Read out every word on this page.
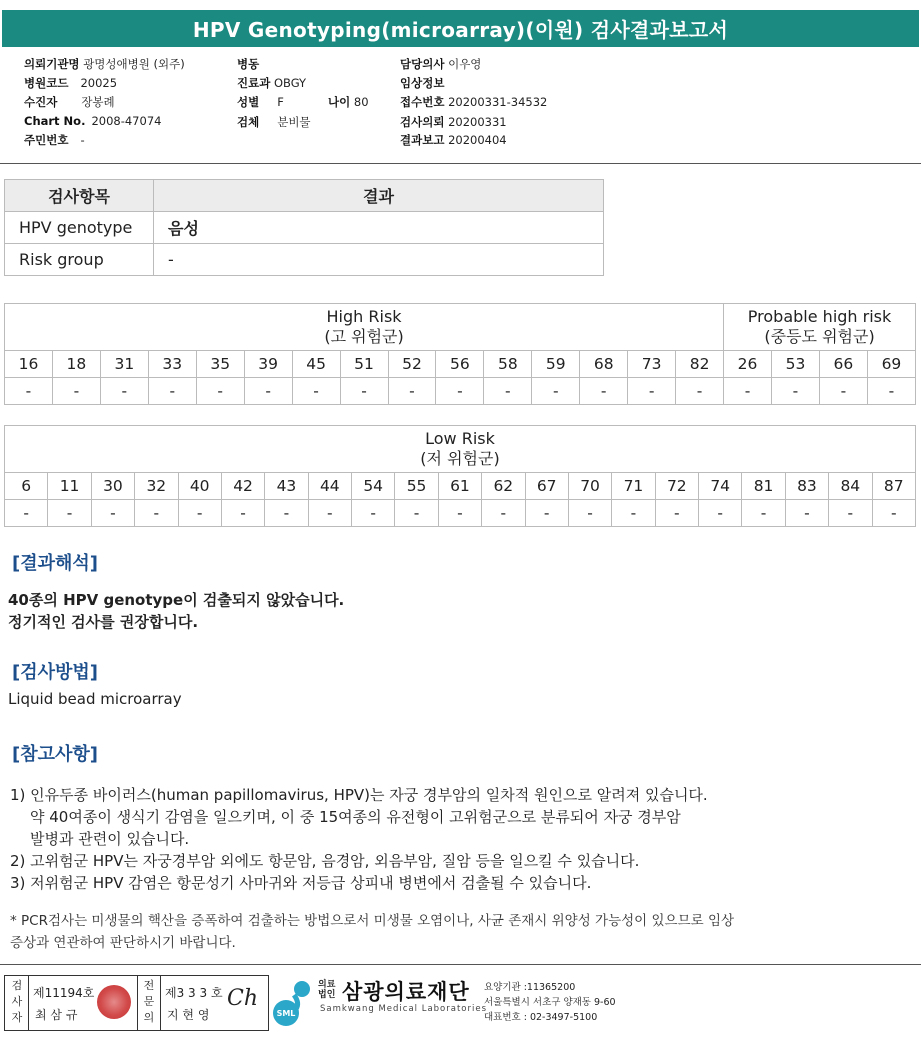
HPV Genotyping(microarray)(이원) 검사결과보고서
의뢰기관명 광명성애병원 (외주)
병원코드 20025
수진자 장봉례
Chart No. 2008-47074
주민번호 -
병동
진료과 OBGY
성별 F
검체 분비물
나이 80
담당의사 이우영
임상정보
접수번호 20200331-34532
검사의뢰 20200331
결과보고 20200404
검사항목	결과
HPV genotype	음성
Risk group	-
High Risk
(고 위험군)															Probable high risk
(중등도 위험군)			
16	18	31	33	35	39	45	51	52	56	58	59	68	73	82	26	53	66	69
-	-	-	-	-	-	-	-	-	-	-	-	-	-	-	-	-	-	-
Low Risk
(저 위험군)																				
6	11	30	32	40	42	43	44	54	55	61	62	67	70	71	72	74	81	83	84	87
-	-	-	-	-	-	-	-	-	-	-	-	-	-	-	-	-	-	-	-	-
[결과해석]
40종의 HPV genotype이 검출되지 않았습니다.
정기적인 검사를 권장합니다.
[검사방법]
Liquid bead microarray
[참고사항]
1) 인유두종 바이러스(human papillomavirus, HPV)는 자궁 경부암의 일차적 원인으로 알려져 있습니다.
약 40여종이 생식기 감염을 일으키며, 이 중 15여종의 유전형이 고위험군으로 분류되어 자궁 경부암
발병과 관련이 있습니다.
2) 고위험군 HPV는 자궁경부암 외에도 항문암, 음경암, 외음부암, 질암 등을 일으킬 수 있습니다.
3) 저위험군 HPV 감염은 항문성기 사마귀와 저등급 상피내 병변에서 검출될 수 있습니다.
* PCR검사는 미생물의 핵산을 증폭하여 검출하는 방법으로서 미생물 오염이나, 사균 존재시 위양성 가능성이 있으므로 임상
증상과 연관하여 판단하시기 바랍니다.
검사자
제11194호
최 삼 규
전문의
제3 3 3 호
지 현 영
Ch
SML
의료법인 삼광의료재단
Samkwang Medical Laboratories
요양기관 :11365200
서울특별시 서초구 양재동 9-60
대표번호 : 02-3497-5100
